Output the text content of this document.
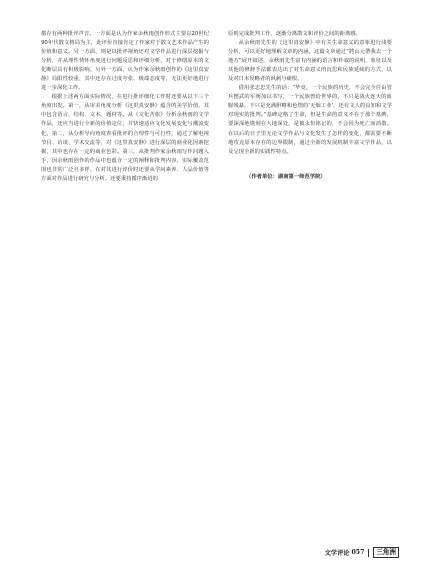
都存有两种批评声音。一方面是认为作家余秋雨创作形式主要以20世纪90年代散文格局为主，此评价直接肯定了作家对于散文艺术作品产生的价值和意义。另一方面，则是以批评视角还对文学作品进行深层挖掘与分析，并从理性情怀角度进行问题反思和评细分析，对于修缮原本的文化断层具有积极影响。另外一方面，认为作家余秋雨创作的《这里真安静》局限性较重，其中还存在过度夸张、极端态度等，无法更好地进行进一步深化工作。

根据上述两方面实际情况，在进行批评细化工作时还要从以下三个角度出发。第一，从审美角度分析《这里真安静》蕴含的美学价值，其中包含语言、结构、文本、题材等。从《文化苦旅》分析余秋雨的文学作品，还应当进行全新的价值定位，并快速适应文化发展变化与潮流变化。第二，从分析导向角度查看批评的合理性与可行性，通过了解电视节目、访谈、学术交流等，对《这里真安静》进行深层的商业化因素挖掘，其中也存在一定的商业色彩。第三，从批判作家余秋雨写作问题入手，因余秋雨创作的作品中也蕴含一定的阐释和批判内容，实际覆盖范围也非常广泛且多样。在对其进行评价时还要从学问素养、人品价值等方面对作品进行研究与分析。还要秉持循序渐进的

原则完成批判工作，逐渐分离散文和评价之间的距离感。

从余秋雨先生的《这里真安静》中有关生命意义的意象进行浅要分析，可以更好地理解文章的内涵。这篇文章通过“將山元帶我去一个地方”展开叙述，余秋雨先生富有内涵的语言和朴叙的说明，象征以及其他的修辞手法都表达出了对生命意义的沉思和民族延续的方式，以及对日本侵略者的讽刺与痛恨。

借用张志忠先生的话：“毕竟，一个民族的历史，不会完全任由管兵摆武的军阀加以书写，一个民族曾给世界的，不只是战火连天的血腥残暴，不只是充满胆略和色情的‘无烟工业’，还有文人的良知和文学对现实的批判。”基碑定格了生命，但是生命的意义不在于那个墓碑，要深深地镌刻在大地深处，是被永恒铭记的，不会因为死亡而消散。在以后的日子里无论文学作品与文化发生了怎样的变化，都需要不断地攻克原本存在的边界限制，通过全新的发展机制丰富文学作品，以及呈现全新的实践性特点。

（作者单位：湖南第一师范学院）
文学评论 057	三角洲
